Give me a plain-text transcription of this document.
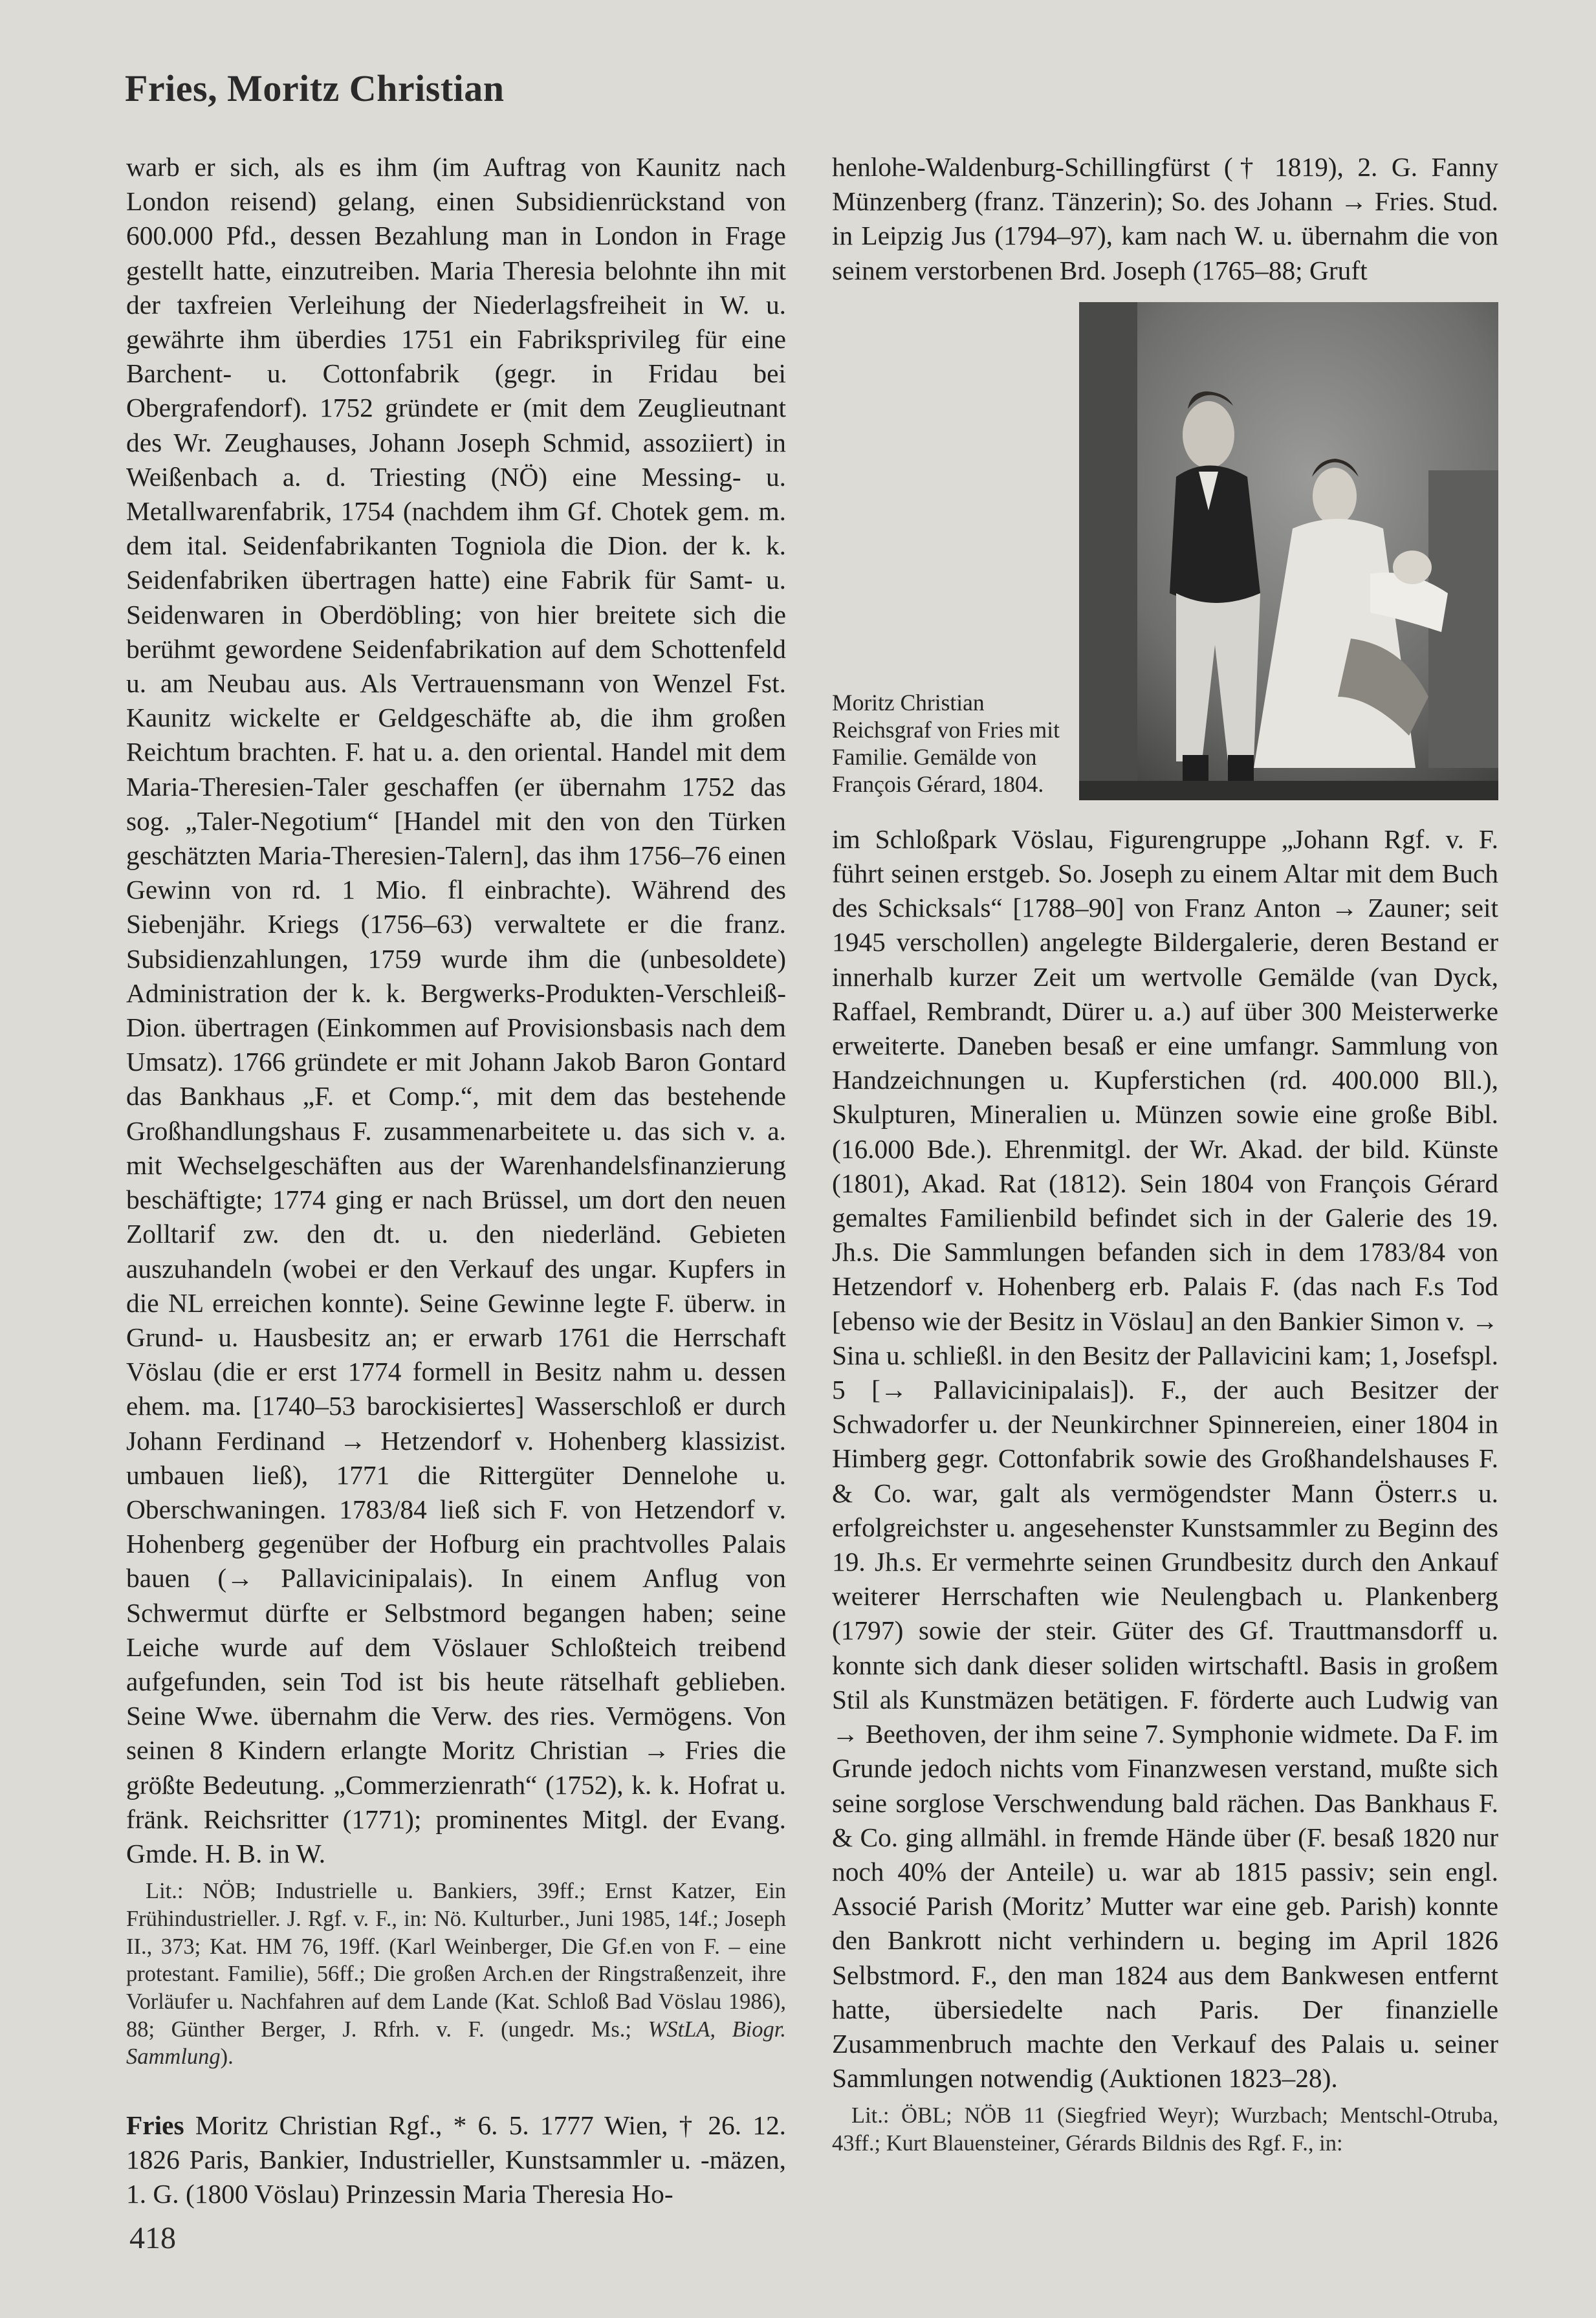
Fries, Moritz Christian

warb er sich, als es ihm (im Auftrag von Kaunitz nach London reisend) gelang, einen Subsidienrückstand von 600.000 Pfd., dessen Bezahlung man in London in Frage gestellt hatte, einzutreiben. Maria Theresia belohnte ihn mit der taxfreien Verleihung der Niederlagsfreiheit in W. u. gewährte ihm überdies 1751 ein Fabriksprivileg für eine Barchent- u. Cottonfabrik (gegr. in Fridau bei Obergrafendorf). 1752 gründete er (mit dem Zeuglieutnant des Wr. Zeughauses, Johann Joseph Schmid, assoziiert) in Weißenbach a. d. Triesting (NÖ) eine Messing- u. Metallwarenfabrik, 1754 (nachdem ihm Gf. Chotek gem. m. dem ital. Seidenfabrikanten Togniola die Dion. der k. k. Seidenfabriken übertragen hatte) eine Fabrik für Samt- u. Seidenwaren in Oberdöbling; von hier breitete sich die berühmt gewordene Seidenfabrikation auf dem Schottenfeld u. am Neubau aus. Als Vertrauensmann von Wenzel Fst. Kaunitz wickelte er Geldgeschäfte ab, die ihm großen Reichtum brachten. F. hat u. a. den oriental. Handel mit dem Maria-Theresien-Taler geschaffen (er übernahm 1752 das sog. „Taler-Negotium“ [Handel mit den von den Türken geschätzten Maria-Theresien-Talern], das ihm 1756–76 einen Gewinn von rd. 1 Mio. fl einbrachte). Während des Siebenjähr. Kriegs (1756–63) verwaltete er die franz. Subsidienzahlungen, 1759 wurde ihm die (unbesoldete) Administration der k. k. Bergwerks-Produkten-Verschleiß-Dion. übertragen (Einkommen auf Provisionsbasis nach dem Umsatz). 1766 gründete er mit Johann Jakob Baron Gontard das Bankhaus „F. et Comp.“, mit dem das bestehende Großhandlungshaus F. zusammenarbeitete u. das sich v. a. mit Wechselgeschäften aus der Warenhandelsfinanzierung beschäftigte; 1774 ging er nach Brüssel, um dort den neuen Zolltarif zw. den dt. u. den niederländ. Gebieten auszuhandeln (wobei er den Verkauf des ungar. Kupfers in die NL erreichen konnte). Seine Gewinne legte F. überw. in Grund- u. Hausbesitz an; er erwarb 1761 die Herrschaft Vöslau (die er erst 1774 formell in Besitz nahm u. dessen ehem. ma. [1740–53 barockisiertes] Wasserschloß er durch Johann Ferdinand → Hetzendorf v. Hohenberg klassizist. umbauen ließ), 1771 die Rittergüter Dennelohe u. Oberschwaningen. 1783/84 ließ sich F. von Hetzendorf v. Hohenberg gegenüber der Hofburg ein prachtvolles Palais bauen (→ Pallavicinipalais). In einem Anflug von Schwermut dürfte er Selbstmord begangen haben; seine Leiche wurde auf dem Vöslauer Schloßteich treibend aufgefunden, sein Tod ist bis heute rätselhaft geblieben. Seine Wwe. übernahm die Verw. des ries. Vermögens. Von seinen 8 Kindern erlangte Moritz Christian → Fries die größte Bedeutung. „Commerzienrath“ (1752), k. k. Hofrat u. fränk. Reichsritter (1771); prominentes Mitgl. der Evang. Gmde. H. B. in W.

Lit.: NÖB; Industrielle u. Bankiers, 39ff.; Ernst Katzer, Ein Frühindustrieller. J. Rgf. v. F., in: Nö. Kulturber., Juni 1985, 14f.; Joseph II., 373; Kat. HM 76, 19ff. (Karl Weinberger, Die Gf.en von F. – eine protestant. Familie), 56ff.; Die großen Arch.en der Ringstraßenzeit, ihre Vorläufer u. Nachfahren auf dem Lande (Kat. Schloß Bad Vöslau 1986), 88; Günther Berger, J. Rfrh. v. F. (ungedr. Ms.; WStLA, Biogr. Sammlung).

Fries Moritz Christian Rgf., * 6. 5. 1777 Wien, † 26. 12. 1826 Paris, Bankier, Industrieller, Kunstsammler u. -mäzen, 1. G. (1800 Vöslau) Prinzessin Maria Theresia Ho-

henlohe-Waldenburg-Schillingfürst († 1819), 2. G. Fanny Münzenberg (franz. Tänzerin); So. des Johann → Fries. Stud. in Leipzig Jus (1794–97), kam nach W. u. übernahm die von seinem verstorbenen Brd. Joseph (1765–88; Gruft

Moritz Christian Reichsgraf von Fries mit Familie. Gemälde von François Gérard, 1804.

im Schloßpark Vöslau, Figurengruppe „Johann Rgf. v. F. führt seinen erstgeb. So. Joseph zu einem Altar mit dem Buch des Schicksals“ [1788–90] von Franz Anton → Zauner; seit 1945 verschollen) angelegte Bildergalerie, deren Bestand er innerhalb kurzer Zeit um wertvolle Gemälde (van Dyck, Raffael, Rembrandt, Dürer u. a.) auf über 300 Meisterwerke erweiterte. Daneben besaß er eine umfangr. Sammlung von Handzeichnungen u. Kupferstichen (rd. 400.000 Bll.), Skulpturen, Mineralien u. Münzen sowie eine große Bibl. (16.000 Bde.). Ehrenmitgl. der Wr. Akad. der bild. Künste (1801), Akad. Rat (1812). Sein 1804 von François Gérard gemaltes Familienbild befindet sich in der Galerie des 19. Jh.s. Die Sammlungen befanden sich in dem 1783/84 von Hetzendorf v. Hohenberg erb. Palais F. (das nach F.s Tod [ebenso wie der Besitz in Vöslau] an den Bankier Simon v. → Sina u. schließl. in den Besitz der Pallavicini kam; 1, Josefspl. 5 [→ Pallavicinipalais]). F., der auch Besitzer der Schwadorfer u. der Neunkirchner Spinnereien, einer 1804 in Himberg gegr. Cottonfabrik sowie des Großhandelshauses F. & Co. war, galt als vermögendster Mann Österr.s u. erfolgreichster u. angesehenster Kunstsammler zu Beginn des 19. Jh.s. Er vermehrte seinen Grundbesitz durch den Ankauf weiterer Herrschaften wie Neulengbach u. Plankenberg (1797) sowie der steir. Güter des Gf. Trauttmansdorff u. konnte sich dank dieser soliden wirtschaftl. Basis in großem Stil als Kunstmäzen betätigen. F. förderte auch Ludwig van → Beethoven, der ihm seine 7. Symphonie widmete. Da F. im Grunde jedoch nichts vom Finanzwesen verstand, mußte sich seine sorglose Verschwendung bald rächen. Das Bankhaus F. & Co. ging allmähl. in fremde Hände über (F. besaß 1820 nur noch 40% der Anteile) u. war ab 1815 passiv; sein engl. Associé Parish (Moritz’ Mutter war eine geb. Parish) konnte den Bankrott nicht verhindern u. beging im April 1826 Selbstmord. F., den man 1824 aus dem Bankwesen entfernt hatte, übersiedelte nach Paris. Der finanzielle Zusammenbruch machte den Verkauf des Palais u. seiner Sammlungen notwendig (Auktionen 1823–28).

Lit.: ÖBL; NÖB 11 (Siegfried Weyr); Wurzbach; Mentschl-Otruba, 43ff.; Kurt Blauensteiner, Gérards Bildnis des Rgf. F., in:

418
